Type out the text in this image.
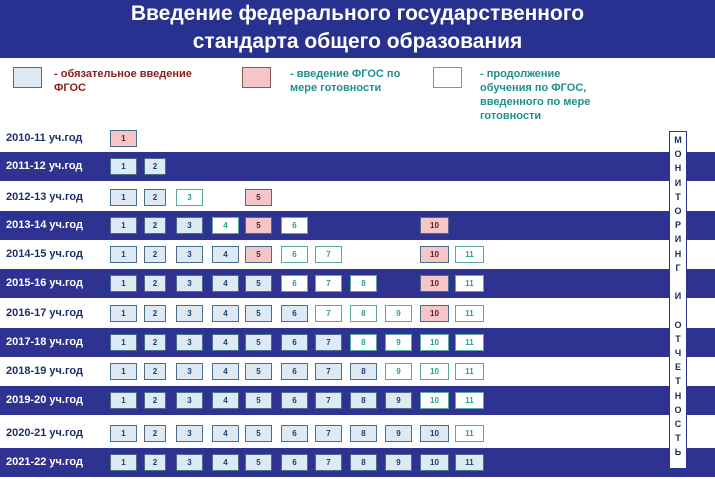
Введение федерального государственного
стандарта общего образования
- обязательное введение
ФГОС
- введение ФГОС по
мере готовности
- продолжение
обучения по ФГОС,
введенного по мере
готовности
2010-11 уч.год	1
2011-12 уч.год	1	2
2012-13 уч.год	1	2	3	5
2013-14 уч.год	1	2	3	4	5	6	10
2014-15 уч.год	1	2	3	4	5	6	7	10	11
2015-16 уч.год	1	2	3	4	5	6	7	8	10	11
2016-17 уч.год	1	2	3	4	5	6	7	8	9	10	11
2017-18 уч.год	1	2	3	4	5	6	7	8	9	10	11
2018-19 уч.год	1	2	3	4	5	6	7	8	9	10	11
2019-20 уч.год	1	2	3	4	5	6	7	8	9	10	11
2020-21 уч.год	1	2	3	4	5	6	7	8	9	10	11
2021-22 уч.год	1	2	3	4	5	6	7	8	9	10	11
М
О
Н
И
Т
О
Р
И
Н
Г
И
О
Т
Ч
Е
Т
Н
О
С
Т
Ь
